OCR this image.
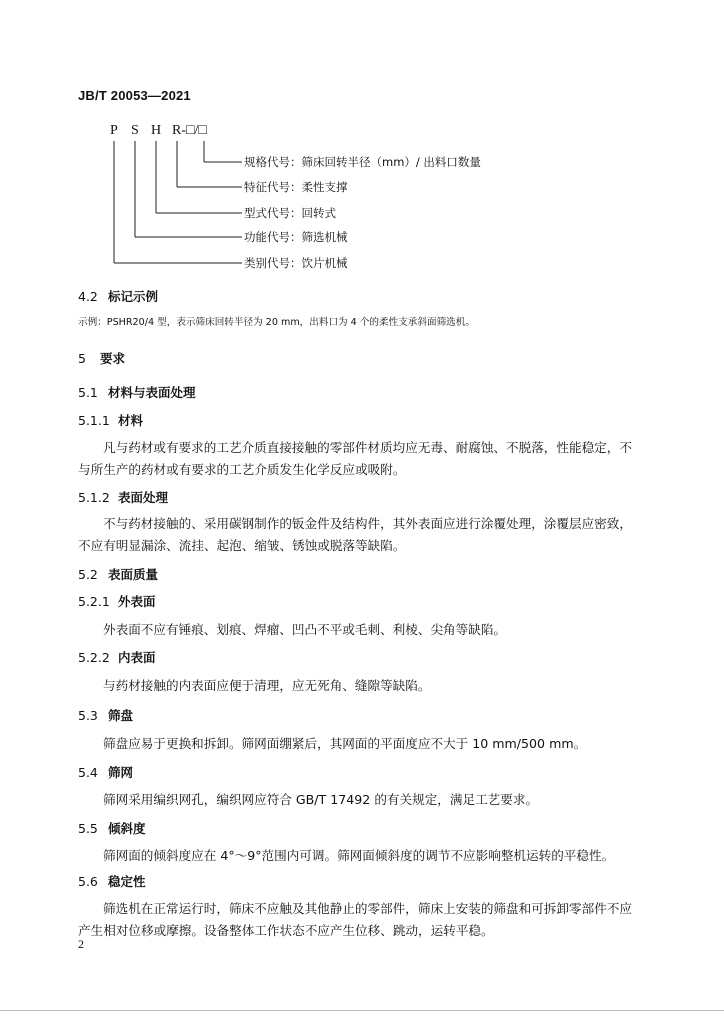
JB/T 20053—2021
P S H R-□/□
规格代号：筛床回转半径（mm）/ 出料口数量
特征代号：柔性支撑
型式代号：回转式
功能代号：筛选机械
类别代号：饮片机械
4.2 标记示例
示例：PSHR20/4 型，表示筛床回转半径为 20 mm，出料口为 4 个的柔性支承斜面筛选机。
5 要求
5.1 材料与表面处理
5.1.1 材料
凡与药材或有要求的工艺介质直接接触的零部件材质均应无毒、耐腐蚀、不脱落，性能稳定，不与所生产的药材或有要求的工艺介质发生化学反应或吸附。
5.1.2 表面处理
不与药材接触的、采用碳钢制作的钣金件及结构件，其外表面应进行涂覆处理，涂覆层应密致，不应有明显漏涂、流挂、起泡、缩皱、锈蚀或脱落等缺陷。
5.2 表面质量
5.2.1 外表面
外表面不应有锤痕、划痕、焊瘤、凹凸不平或毛刺、利棱、尖角等缺陷。
5.2.2 内表面
与药材接触的内表面应便于清理，应无死角、缝隙等缺陷。
5.3 筛盘
筛盘应易于更换和拆卸。筛网面绷紧后，其网面的平面度应不大于 10 mm/500 mm。
5.4 筛网
筛网采用编织网孔，编织网应符合 GB/T 17492 的有关规定，满足工艺要求。
5.5 倾斜度
筛网面的倾斜度应在 4°～9°范围内可调。筛网面倾斜度的调节不应影响整机运转的平稳性。
5.6 稳定性
筛选机在正常运行时，筛床不应触及其他静止的零部件，筛床上安装的筛盘和可拆卸零部件不应产生相对位移或摩擦。设备整体工作状态不应产生位移、跳动，运转平稳。
2
